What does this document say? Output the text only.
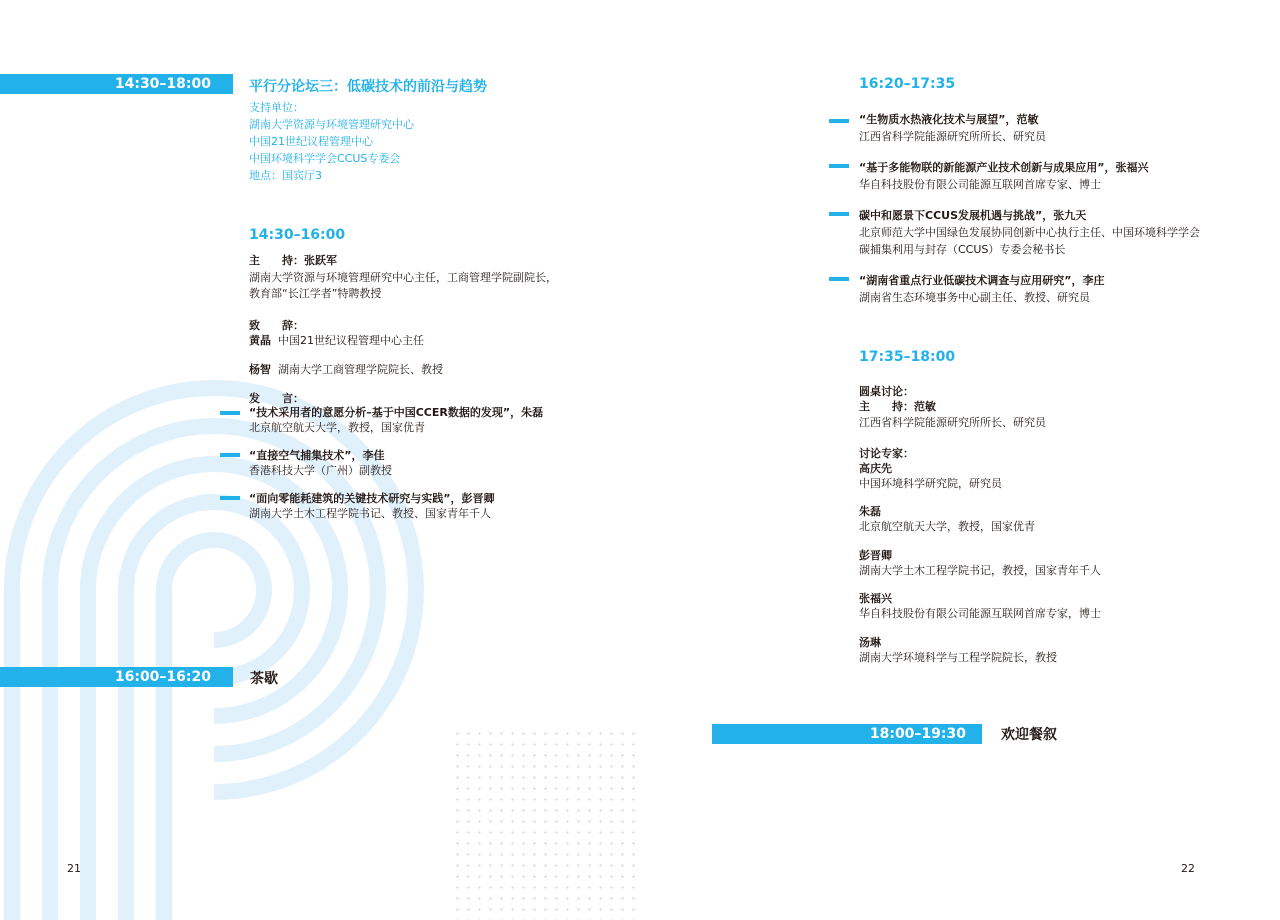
14:30–18:00	平行分论坛三：低碳技术的前沿与趋势
支持单位：
湖南大学资源与环境管理研究中心
中国21世纪议程管理中心
中国环境科学学会CCUS专委会
地点：国宾厅3
14:30–16:00
主　　持：张跃军
湖南大学资源与环境管理研究中心主任，工商管理学院副院长，
教育部“长江学者”特聘教授
致　　辞：
黄晶 中国21世纪议程管理中心主任
杨智 湖南大学工商管理学院院长、教授
发　　言：
“技术采用者的意愿分析–基于中国CCER数据的发现”，朱磊
北京航空航天大学，教授，国家优青
“直接空气捕集技术”，李佳
香港科技大学（广州）副教授
“面向零能耗建筑的关键技术研究与实践”，彭晋卿
湖南大学土木工程学院书记、教授、国家青年千人
16:00–16:20	茶歇
21
16:20–17:35
“生物质水热液化技术与展望”，范敏
江西省科学院能源研究所所长、研究员
“基于多能物联的新能源产业技术创新与成果应用”，张福兴
华自科技股份有限公司能源互联网首席专家、博士
碳中和愿景下CCUS发展机遇与挑战”，张九天
北京师范大学中国绿色发展协同创新中心执行主任、中国环境科学学会
碳捕集利用与封存（CCUS）专委会秘书长
“湖南省重点行业低碳技术调查与应用研究”，李庄
湖南省生态环境事务中心副主任、教授、研究员
17:35–18:00
圆桌讨论：
主　　持：范敏
江西省科学院能源研究所所长、研究员
讨论专家：
高庆先
中国环境科学研究院，研究员
朱磊
北京航空航天大学，教授，国家优青
彭晋卿
湖南大学土木工程学院书记，教授，国家青年千人
张福兴
华自科技股份有限公司能源互联网首席专家，博士
汤琳
湖南大学环境科学与工程学院院长，教授
18:00–19:30	欢迎餐叙
22
